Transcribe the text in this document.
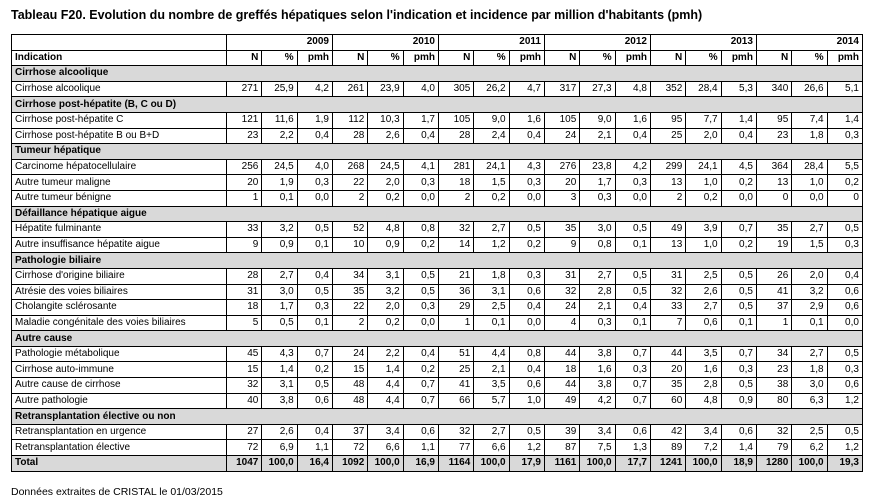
Tableau F20. Evolution du nombre de greffés hépatiques selon l'indication et incidence par million d'habitants (pmh)
	2009			2010			2011			2012			2013			2014		
Indication	N	%	pmh	N	%	pmh	N	%	pmh	N	%	pmh	N	%	pmh	N	%	pmh
Cirrhose alcoolique																		
Cirrhose alcoolique	271	25,9	4,2	261	23,9	4,0	305	26,2	4,7	317	27,3	4,8	352	28,4	5,3	340	26,6	5,1
Cirrhose post-hépatite (B, C ou D)																		
Cirrhose post-hépatite C	121	11,6	1,9	112	10,3	1,7	105	9,0	1,6	105	9,0	1,6	95	7,7	1,4	95	7,4	1,4
Cirrhose post-hépatite B ou B+D	23	2,2	0,4	28	2,6	0,4	28	2,4	0,4	24	2,1	0,4	25	2,0	0,4	23	1,8	0,3
Tumeur hépatique																		
Carcinome hépatocellulaire	256	24,5	4,0	268	24,5	4,1	281	24,1	4,3	276	23,8	4,2	299	24,1	4,5	364	28,4	5,5
Autre tumeur maligne	20	1,9	0,3	22	2,0	0,3	18	1,5	0,3	20	1,7	0,3	13	1,0	0,2	13	1,0	0,2
Autre tumeur bénigne	1	0,1	0,0	2	0,2	0,0	2	0,2	0,0	3	0,3	0,0	2	0,2	0,0	0	0,0	0
Défaillance hépatique aigue																		
Hépatite fulminante	33	3,2	0,5	52	4,8	0,8	32	2,7	0,5	35	3,0	0,5	49	3,9	0,7	35	2,7	0,5
Autre insuffisance hépatite aigue	9	0,9	0,1	10	0,9	0,2	14	1,2	0,2	9	0,8	0,1	13	1,0	0,2	19	1,5	0,3
Pathologie biliaire																		
Cirrhose d'origine biliaire	28	2,7	0,4	34	3,1	0,5	21	1,8	0,3	31	2,7	0,5	31	2,5	0,5	26	2,0	0,4
Atrésie des voies biliaires	31	3,0	0,5	35	3,2	0,5	36	3,1	0,6	32	2,8	0,5	32	2,6	0,5	41	3,2	0,6
Cholangite sclérosante	18	1,7	0,3	22	2,0	0,3	29	2,5	0,4	24	2,1	0,4	33	2,7	0,5	37	2,9	0,6
Maladie congénitale des voies biliaires	5	0,5	0,1	2	0,2	0,0	1	0,1	0,0	4	0,3	0,1	7	0,6	0,1	1	0,1	0,0
Autre cause																		
Pathologie métabolique	45	4,3	0,7	24	2,2	0,4	51	4,4	0,8	44	3,8	0,7	44	3,5	0,7	34	2,7	0,5
Cirrhose auto-immune	15	1,4	0,2	15	1,4	0,2	25	2,1	0,4	18	1,6	0,3	20	1,6	0,3	23	1,8	0,3
Autre cause de cirrhose	32	3,1	0,5	48	4,4	0,7	41	3,5	0,6	44	3,8	0,7	35	2,8	0,5	38	3,0	0,6
Autre pathologie	40	3,8	0,6	48	4,4	0,7	66	5,7	1,0	49	4,2	0,7	60	4,8	0,9	80	6,3	1,2
Retransplantation élective ou non																		
Retransplantation en urgence	27	2,6	0,4	37	3,4	0,6	32	2,7	0,5	39	3,4	0,6	42	3,4	0,6	32	2,5	0,5
Retransplantation élective	72	6,9	1,1	72	6,6	1,1	77	6,6	1,2	87	7,5	1,3	89	7,2	1,4	79	6,2	1,2
Total	1047	100,0	16,4	1092	100,0	16,9	1164	100,0	17,9	1161	100,0	17,7	1241	100,0	18,9	1280	100,0	19,3
Données extraites de CRISTAL le 01/03/2015
